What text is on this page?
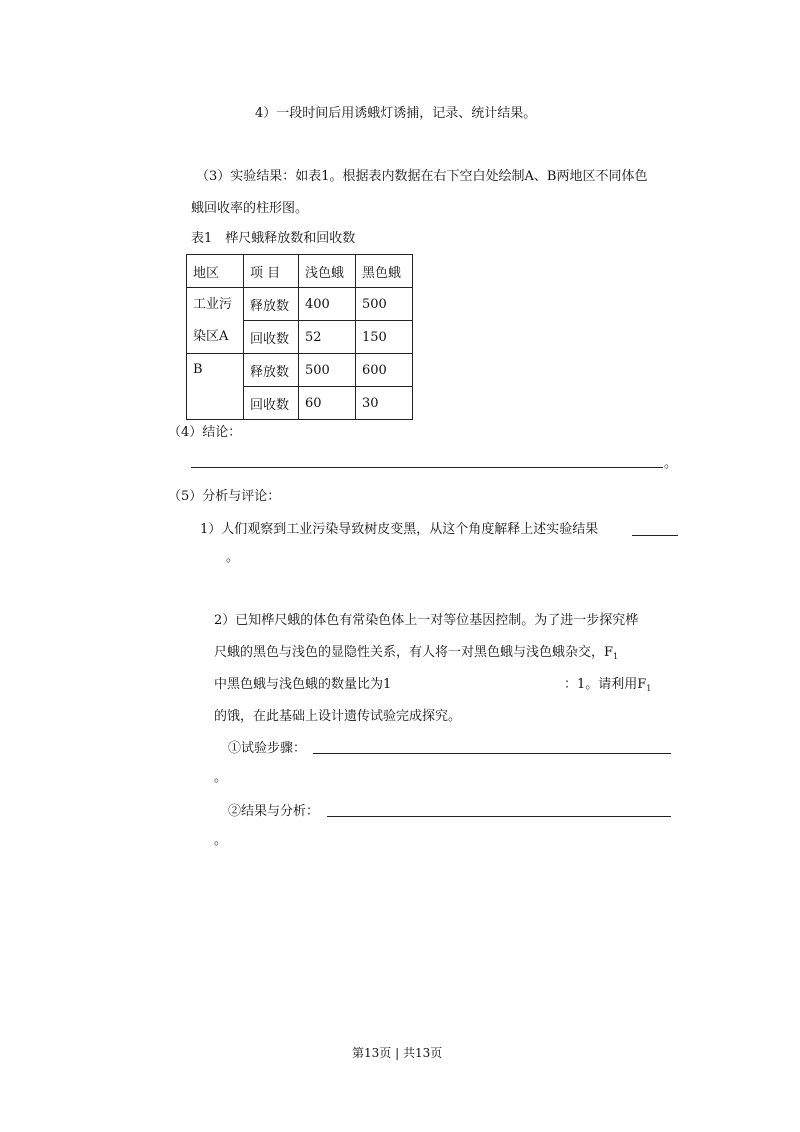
4）一段时间后用诱蛾灯诱捕，记录、统计结果。
（3）实验结果：如表1。根据表内数据在右下空白处绘制A、B两地区不同体色
蛾回收率的柱形图。
表1　桦尺蛾释放数和回收数
地区	项 目	浅色蛾	黑色蛾

工业污
染区A	释放数	400	500
	回收数	52	150
B	释放数	500	600
	回收数	60	30
（4）结论：
。
（5）分析与评论：
1）人们观察到工业污染导致树皮变黑，从这个角度解释上述实验结果
。
2）已知桦尺蛾的体色有常染色体上一对等位基因控制。为了进一步探究桦
尺蛾的黑色与浅色的显隐性关系，有人将一对黑色蛾与浅色蛾杂交，$F_1$
中黑色蛾与浅色蛾的数量比为1	：1。请利用$F_1$
的饿，在此基础上设计遗传试验完成探究。
①试验步骤：
。
②结果与分析：
。
第13页 | 共13页
